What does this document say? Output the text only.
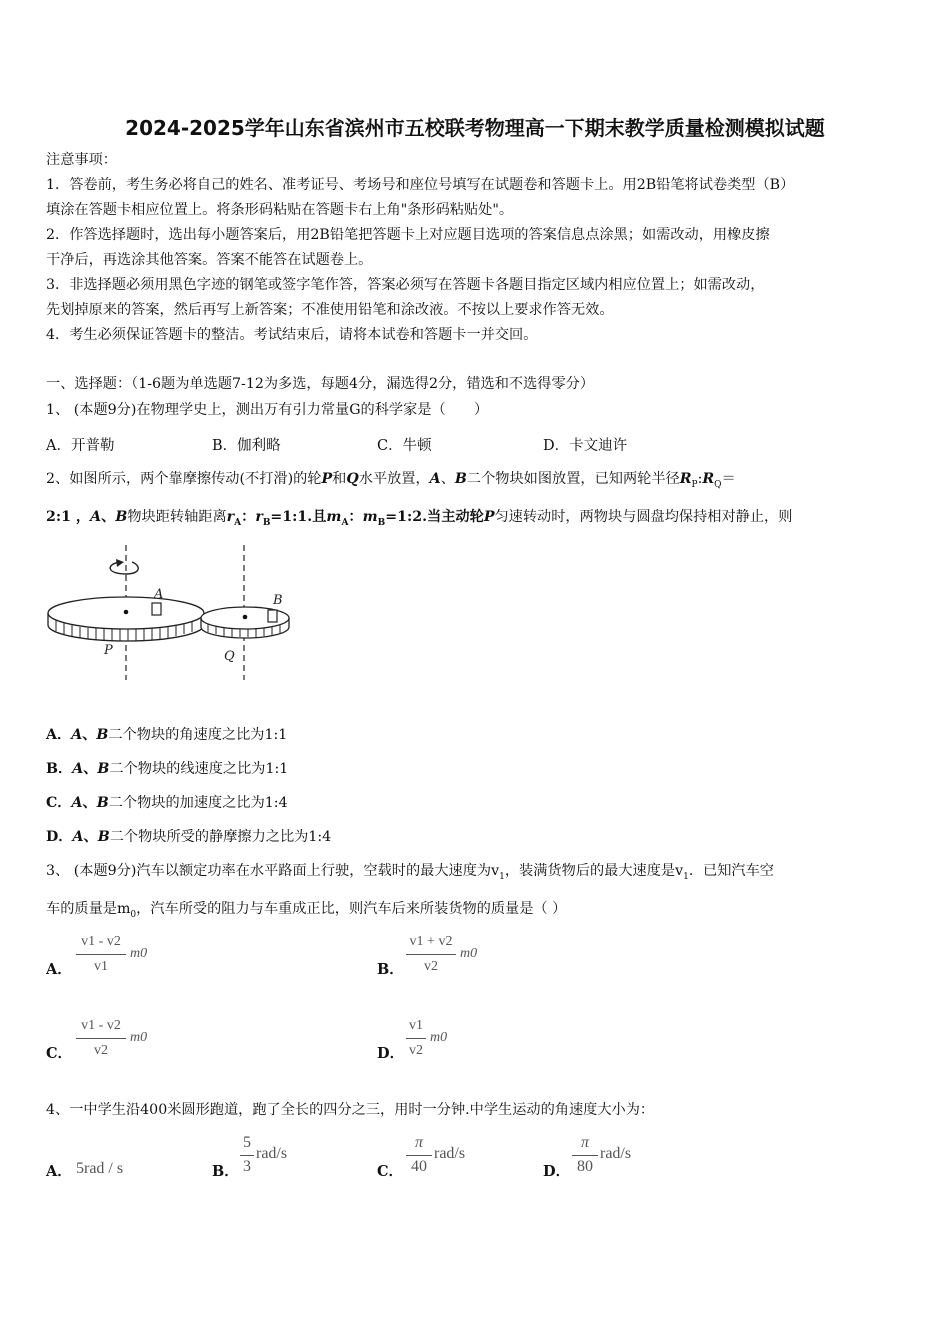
2024-2025学年山东省滨州市五校联考物理高一下期末教学质量检测模拟试题
注意事项：
1．答卷前，考生务必将自己的姓名、准考证号、考场号和座位号填写在试题卷和答题卡上。用2B铅笔将试卷类型（B）
填涂在答题卡相应位置上。将条形码粘贴在答题卡右上角"条形码粘贴处"。
2．作答选择题时，选出每小题答案后，用2B铅笔把答题卡上对应题目选项的答案信息点涂黑；如需改动，用橡皮擦
干净后，再选涂其他答案。答案不能答在试题卷上。
3．非选择题必须用黑色字迹的钢笔或签字笔作答，答案必须写在答题卡各题目指定区域内相应位置上；如需改动，
先划掉原来的答案，然后再写上新答案；不准使用铅笔和涂改液。不按以上要求作答无效。
4．考生必须保证答题卡的整洁。考试结束后，请将本试卷和答题卡一并交回。
一、选择题：（1-6题为单选题7-12为多选，每题4分，漏选得2分，错选和不选得零分）
1、 (本题9分)在物理学史上，测出万有引力常量G的科学家是（　　）
A．开普勒	B．伽利略	C．牛顿	D．卡文迪许
2、如图所示，两个靠摩擦传动(不打滑)的轮P和Q水平放置，A、B二个物块如图放置，已知两轮半径$R_P:R_Q=$
2:1 ，A、B物块距转轴距离$r_A$：$r_B=1:1$.且$m_A$：$m_B=1:2$.当主动轮P匀速转动时，两物块与圆盘均保持相对静止，则
A	B
P	Q
A．A、B二个物块的角速度之比为1:1
B．A、B二个物块的线速度之比为1:1
C．A、B二个物块的加速度之比为1:4
D．A、B二个物块所受的静摩擦力之比为1:4
3、 (本题9分)汽车以额定功率在水平路面上行驶，空载时的最大速度为$v_1$，装满货物后的最大速度是$v_1$．已知汽车空
车的质量是$m_0$，汽车所受的阻力与车重成正比，则汽车后来所装货物的质量是（ ）
A．
v1 - v2
v1
m0
B．
v1 + v2
v2
m0
C．
v1 - v2
v2
m0
D．
v1
v2
m0
4、一中学生沿400米圆形跑道，跑了全长的四分之三，用时一分钟.中学生运动的角速度大小为：
A． 5rad / s	B．
5
3
rad/s
C．
π
40
rad/s
D．
π
80
rad/s
